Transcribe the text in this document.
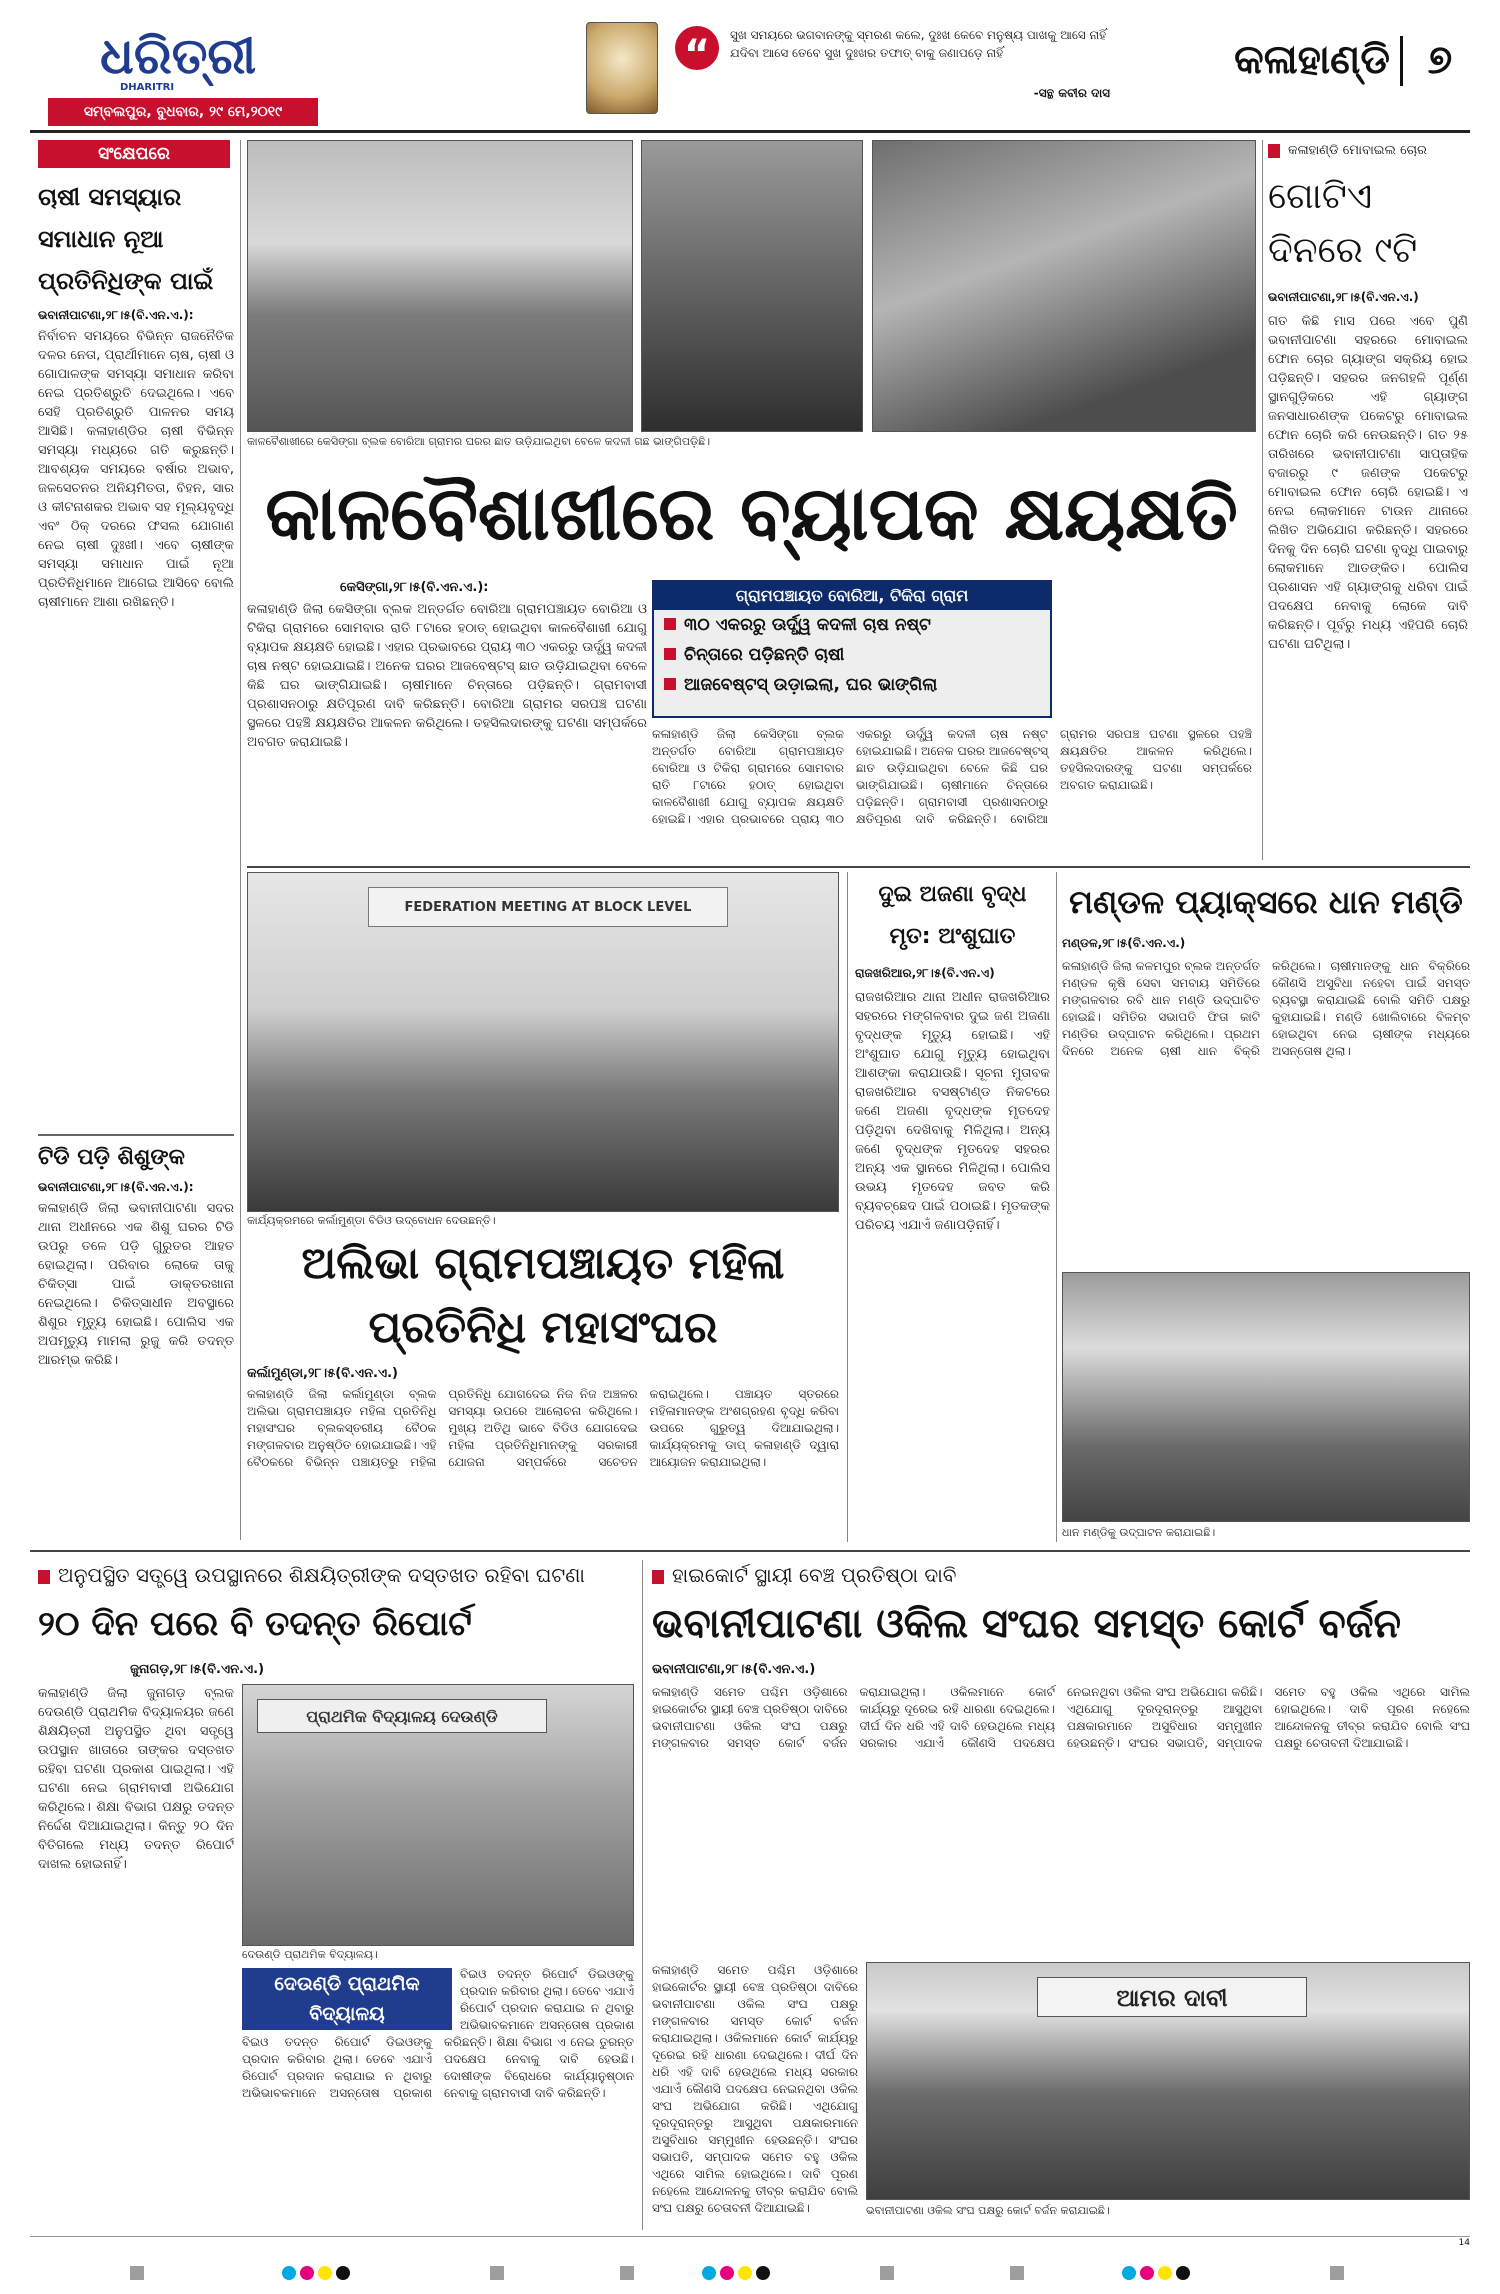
ଧରିତ୍ରୀ
DHARITRI
ସମ୍ବଲପୁର, ବୁଧବାର, ୨୯ ମେ,୨୦୧୯
“	ସୁଖ ସମୟରେ ଭଗବାନଙ୍କୁ ସ୍ମରଣ କଲେ, ଦୁଃଖ କେବେ ମନୁଷ୍ୟ ପାଖକୁ ଆସେ ନାହିଁ ଯଦିବା ଆସେ ତେବେ ସୁଖ ଦୁଃଖର ତଫାତ୍ ବାକୁ ଜଣାପଡ଼େ ନାହିଁ
-ସନ୍ଥ କବୀର ଦାସ
କଳାହାଣ୍ଡି ୭
ସଂକ୍ଷେପରେ
ଚାଷୀ ସମସ୍ୟାର ସମାଧାନ ନୂଆ ପ୍ରତିନିଧିଙ୍କ ପାଇଁ
ଭବାନୀପାଟଣା,୨୮।୫(ବି.ଏନ.ଏ.):
ନିର୍ବାଚନ ସମୟରେ ବିଭିନ୍ନ ରାଜନୈତିକ ଦଳର ନେତା, ପ୍ରାର୍ଥୀମାନେ ଚାଷ, ଚାଷୀ ଓ ଗୋପାଳଙ୍କ ସମସ୍ୟା ସମାଧାନ କରିବା ନେଇ ପ୍ରତିଶ୍ରୁତି ଦେଇଥିଲେ। ଏବେ ସେହି ପ୍ରତିଶ୍ରୁତି ପାଳନର ସମୟ ଆସିଛି। କଳାହାଣ୍ଡିର ଚାଷୀ ବିଭିନ୍ନ ସମସ୍ୟା ମଧ୍ୟରେ ଗତି କରୁଛନ୍ତି। ଆବଶ୍ୟକ ସମୟରେ ବର୍ଷାର ଅଭାବ, ଜଳସେଚନର ଅନିୟମିତତା, ବିହନ, ସାର ଓ କୀଟନାଶକର ଅଭାବ ସହ ମୂଲ୍ୟବୃଦ୍ଧି ଏବଂ ଠିକ୍ ଦରରେ ଫସଲ ଯୋଗାଣ ନେଇ ଚାଷୀ ଦୁଃଖୀ। ଏବେ ଚାଷୀଙ୍କ ସମସ୍ୟା ସମାଧାନ ପାଇଁ ନୂଆ ପ୍ରତିନିଧିମାନେ ଆଗେଇ ଆସିବେ ବୋଲି ଚାଷୀମାନେ ଆଶା ରଖିଛନ୍ତି।
ଟିଡି ପଡ଼ି ଶିଶୁଙ୍କ
ଭବାନୀପାଟଣା,୨୮।୫(ବି.ଏନ.ଏ.):
କଳାହାଣ୍ଡି ଜିଲା ଭବାନୀପାଟଣା ସଦର ଥାନା ଅଧୀନରେ ଏକ ଶିଶୁ ଘରର ଟିଡି ଉପରୁ ତଳେ ପଡ଼ି ଗୁରୁତର ଆହତ ହୋଇଥିଲା। ପରିବାର ଲୋକେ ତାକୁ ଚିକିତ୍ସା ପାଇଁ ଡାକ୍ତରଖାନା ନେଇଥିଲେ। ଚିକିତ୍ସାଧୀନ ଅବସ୍ଥାରେ ଶିଶୁର ମୃତ୍ୟୁ ହୋଇଛି। ପୋଲିସ ଏକ ଅପମୃତ୍ୟୁ ମାମଲା ରୁଜୁ କରି ତଦନ୍ତ ଆରମ୍ଭ କରିଛି।
କାଳବୈଶାଖୀରେ କେସିଙ୍ଗା ବ୍ଲକ ବୋରିଆ ଗ୍ରାମର ଘରର ଛାତ ଉଡ଼ିଯାଇଥିବା ବେଳେ କଦଳୀ ଗଛ ଭାଙ୍ଗିପଡ଼ିଛି।
କାଳବୈଶାଖୀରେ ବ୍ୟାପକ କ୍ଷୟକ୍ଷତି
କେସିଙ୍ଗା,୨୮।୫(ବି.ଏନ.ଏ.):
କଳାହାଣ୍ଡି ଜିଲା କେସିଙ୍ଗା ବ୍ଲକ ଅନ୍ତର୍ଗତ ବୋରିଆ ଗ୍ରାମପଞ୍ଚାୟତ ବୋରିଆ ଓ ଟିକିରା ଗ୍ରାମରେ ସୋମବାର ରାତି ୮ଟାରେ ହଠାତ୍ ହୋଇଥିବା କାଳବୈଶାଖୀ ଯୋଗୁ ବ୍ୟାପକ କ୍ଷୟକ୍ଷତି ହୋଇଛି। ଏହାର ପ୍ରଭାବରେ ପ୍ରାୟ ୩୦ ଏକରରୁ ଊର୍ଦ୍ଧ୍ୱ କଦଳୀ ଚାଷ ନଷ୍ଟ ହୋଇଯାଇଛି। ଅନେକ ଘରର ଆଜବେଷ୍ଟସ୍ ଛାତ ଉଡ଼ିଯାଇଥିବା ବେଳେ କିଛି ଘର ଭାଙ୍ଗିଯାଇଛି। ଚାଷୀମାନେ ଚିନ୍ତାରେ ପଡ଼ିଛନ୍ତି। ଗ୍ରାମବାସୀ ପ୍ରଶାସନଠାରୁ କ୍ଷତିପୂରଣ ଦାବି କରିଛନ୍ତି। ବୋରିଆ ଗ୍ରାମର ସରପଞ୍ଚ ଘଟଣା ସ୍ଥଳରେ ପହଞ୍ଚି କ୍ଷୟକ୍ଷତିର ଆକଳନ କରିଥିଲେ। ତହସିଲଦାରଙ୍କୁ ଘଟଣା ସମ୍ପର୍କରେ ଅବଗତ କରାଯାଇଛି।
ଗ୍ରାମପଞ୍ଚାୟତ ବୋରିଆ, ଟିକିରା ଗ୍ରାମ
୩୦ ଏକରରୁ ଊର୍ଦ୍ଧ୍ୱ କଦଳୀ ଚାଷ ନଷ୍ଟ
ଚିନ୍ତାରେ ପଡ଼ିଛନ୍ତି ଚାଷୀ
ଆଜବେଷ୍ଟସ୍ ଉଡ଼ାଇଲା, ଘର ଭାଙ୍ଗିଲା
କଳାହାଣ୍ଡି ଜିଲା କେସିଙ୍ଗା ବ୍ଲକ ଅନ୍ତର୍ଗତ ବୋରିଆ ଗ୍ରାମପଞ୍ଚାୟତ ବୋରିଆ ଓ ଟିକିରା ଗ୍ରାମରେ ସୋମବାର ରାତି ୮ଟାରେ ହଠାତ୍ ହୋଇଥିବା କାଳବୈଶାଖୀ ଯୋଗୁ ବ୍ୟାପକ କ୍ଷୟକ୍ଷତି ହୋଇଛି। ଏହାର ପ୍ରଭାବରେ ପ୍ରାୟ ୩୦ ଏକରରୁ ଊର୍ଦ୍ଧ୍ୱ କଦଳୀ ଚାଷ ନଷ୍ଟ ହୋଇଯାଇଛି। ଅନେକ ଘରର ଆଜବେଷ୍ଟସ୍ ଛାତ ଉଡ଼ିଯାଇଥିବା ବେଳେ କିଛି ଘର ଭାଙ୍ଗିଯାଇଛି। ଚାଷୀମାନେ ଚିନ୍ତାରେ ପଡ଼ିଛନ୍ତି। ଗ୍ରାମବାସୀ ପ୍ରଶାସନଠାରୁ କ୍ଷତିପୂରଣ ଦାବି କରିଛନ୍ତି। ବୋରିଆ ଗ୍ରାମର ସରପଞ୍ଚ ଘଟଣା ସ୍ଥଳରେ ପହଞ୍ଚି କ୍ଷୟକ୍ଷତିର ଆକଳନ କରିଥିଲେ। ତହସିଲଦାରଙ୍କୁ ଘଟଣା ସମ୍ପର୍କରେ ଅବଗତ କରାଯାଇଛି।
କଳାହାଣ୍ଡି ମୋବାଇଲ ଚୋର
ଗୋଟିଏ ଦିନରେ ୯ଟି
ଭବାନୀପାଟଣା,୨୮।୫(ବି.ଏନ.ଏ.)
ଗତ କିଛି ମାସ ପରେ ଏବେ ପୁଣି ଭବାନୀପାଟଣା ସହରରେ ମୋବାଇଲ ଫୋନ ଚୋର ଗ୍ୟାଙ୍ଗ ସକ୍ରିୟ ହୋଇ ପଡ଼ିଛନ୍ତି। ସହରର ଜନଗହଳି ପୂର୍ଣ୍ଣ ସ୍ଥାନଗୁଡ଼ିକରେ ଏହି ଗ୍ୟାଙ୍ଗ ଜନସାଧାରଣଙ୍କ ପକେଟରୁ ମୋବାଇଲ ଫୋନ ଚୋରି କରି ନେଉଛନ୍ତି। ଗତ ୨୫ ତାରିଖରେ ଭବାନୀପାଟଣା ସାପ୍ତାହିକ ବଜାରରୁ ୯ ଜଣଙ୍କ ପକେଟରୁ ମୋବାଇଲ ଫୋନ ଚୋରି ହୋଇଛି। ଏ ନେଇ ଲୋକମାନେ ଟାଉନ ଥାନାରେ ଲିଖିତ ଅଭିଯୋଗ କରିଛନ୍ତି। ସହରରେ ଦିନକୁ ଦିନ ଚୋରି ଘଟଣା ବୃଦ୍ଧି ପାଇବାରୁ ଲୋକମାନେ ଆତଙ୍କିତ। ପୋଲିସ ପ୍ରଶାସନ ଏହି ଗ୍ୟାଙ୍ଗକୁ ଧରିବା ପାଇଁ ପଦକ୍ଷେପ ନେବାକୁ ଲୋକେ ଦାବି କରିଛନ୍ତି। ପୂର୍ବରୁ ମଧ୍ୟ ଏହିପରି ଚୋରି ଘଟଣା ଘଟିଥିଲା।
FEDERATION MEETING AT BLOCK LEVEL
କାର୍ଯ୍ୟକ୍ରମରେ କର୍ଲାମୁଣ୍ଡା ବିଡିଓ ଉଦ୍‌ବୋଧନ ଦେଉଛନ୍ତି।
ଅଲିଭା ଗ୍ରାମପଞ୍ଚାୟତ ମହିଳା ପ୍ରତିନିଧି ମହାସଂଘର
କର୍ଲାମୁଣ୍ଡା,୨୮।୫(ବି.ଏନ.ଏ.)
କଳାହାଣ୍ଡି ଜିଲା କର୍ଲାମୁଣ୍ଡା ବ୍ଲକ ଅଲିଭା ଗ୍ରାମପଞ୍ଚାୟତ ମହିଳା ପ୍ରତିନିଧି ମହାସଂଘର ବ୍ଲକସ୍ତରୀୟ ବୈଠକ ମଙ୍ଗଳବାର ଅନୁଷ୍ଠିତ ହୋଇଯାଇଛି। ଏହି ବୈଠକରେ ବିଭିନ୍ନ ପଞ୍ଚାୟତରୁ ମହିଳା ପ୍ରତିନିଧି ଯୋଗଦେଇ ନିଜ ନିଜ ଅଞ୍ଚଳର ସମସ୍ୟା ଉପରେ ଆଲୋଚନା କରିଥିଲେ। ମୁଖ୍ୟ ଅତିଥି ଭାବେ ବିଡିଓ ଯୋଗଦେଇ ମହିଳା ପ୍ରତିନିଧିମାନଙ୍କୁ ସରକାରୀ ଯୋଜନା ସମ୍ପର୍କରେ ସଚେତନ କରାଇଥିଲେ। ପଞ୍ଚାୟତ ସ୍ତରରେ ମହିଳାମାନଙ୍କ ଅଂଶଗ୍ରହଣ ବୃଦ୍ଧି କରିବା ଉପରେ ଗୁରୁତ୍ୱ ଦିଆଯାଇଥିଲା। କାର୍ଯ୍ୟକ୍ରମକୁ ଡାପ୍ କଳାହାଣ୍ଡି ଦ୍ୱାରା ଆୟୋଜନ କରାଯାଇଥିଲା।
ଦୁଇ ଅଜଣା ବୃଦ୍ଧ ମୃତ: ଅଂଶୁଘାତ
ରାଜଖରିଆର,୨୮।୫(ବି.ଏନ.ଏ)
ରାଜଖରିଆର ଥାନା ଅଧୀନ ରାଜଖରିଆର ସହରରେ ମଙ୍ଗଳବାର ଦୁଇ ଜଣ ଅଜଣା ବୃଦ୍ଧଙ୍କ ମୃତ୍ୟୁ ହୋଇଛି। ଏହି ଅଂଶୁଘାତ ଯୋଗୁ ମୃତ୍ୟୁ ହୋଇଥିବା ଆଶଙ୍କା କରାଯାଉଛି। ସୂଚନା ମୁତାବକ ରାଜଖରିଆର ବସଷ୍ଟାଣ୍ଡ ନିକଟରେ ଜଣେ ଅଜଣା ବୃଦ୍ଧଙ୍କ ମୃତଦେହ ପଡ଼ିଥିବା ଦେଖିବାକୁ ମିଳିଥିଲା। ଅନ୍ୟ ଜଣେ ବୃଦ୍ଧଙ୍କ ମୃତଦେହ ସହରର ଅନ୍ୟ ଏକ ସ୍ଥାନରେ ମିଳିଥିଲା। ପୋଲିସ ଉଭୟ ମୃତଦେହ ଜବତ କରି ବ୍ୟବଚ୍ଛେଦ ପାଇଁ ପଠାଇଛି। ମୃତକଙ୍କ ପରିଚୟ ଏଯାଏଁ ଜଣାପଡ଼ିନାହିଁ।
ମଣ୍ଡଳ ପ୍ୟାକ୍ସରେ ଧାନ ମଣ୍ଡି
ମଣ୍ଡଳ,୨୮।୫(ବି.ଏନ.ଏ.)
କଳାହାଣ୍ଡି ଜିଲା କଳମପୁର ବ୍ଲକ ଅନ୍ତର୍ଗତ ମଣ୍ଡଳ କୃଷି ସେବା ସମବାୟ ସମିତିରେ ମଙ୍ଗଳବାର ରବି ଧାନ ମଣ୍ଡି ଉଦ୍‌ଘାଟିତ ହୋଇଛି। ସମିତିର ସଭାପତି ଫିତା କାଟି ମଣ୍ଡିର ଉଦ୍‌ଘାଟନ କରିଥିଲେ। ପ୍ରଥମ ଦିନରେ ଅନେକ ଚାଷୀ ଧାନ ବିକ୍ରି କରିଥିଲେ। ଚାଷୀମାନଙ୍କୁ ଧାନ ବିକ୍ରିରେ କୌଣସି ଅସୁବିଧା ନହେବା ପାଇଁ ସମସ୍ତ ବ୍ୟବସ୍ଥା କରାଯାଇଛି ବୋଲି ସମିତି ପକ୍ଷରୁ କୁହାଯାଇଛି। ମଣ୍ଡି ଖୋଲିବାରେ ବିଳମ୍ବ ହୋଇଥିବା ନେଇ ଚାଷୀଙ୍କ ମଧ୍ୟରେ ଅସନ୍ତୋଷ ଥିଲା।
ଧାନ ମଣ୍ଡିକୁ ଉଦ୍‌ଘାଟନ କରାଯାଇଛି।
ଅନୁପସ୍ଥିତ ସତ୍ତ୍ୱେ ଉପସ୍ଥାନରେ ଶିକ୍ଷୟିତ୍ରୀଙ୍କ ଦସ୍ତଖତ ରହିବା ଘଟଣା
୨୦ ଦିନ ପରେ ବି ତଦନ୍ତ ରିପୋର୍ଟ
ଜୁନାଗଡ଼,୨୮।୫(ବି.ଏନ.ଏ.)
କଳାହାଣ୍ଡି ଜିଲା ଜୁନାଗଡ଼ ବ୍ଲକ ଦେଉଣ୍ଡି ପ୍ରାଥମିକ ବିଦ୍ୟାଳୟର ଜଣେ ଶିକ୍ଷୟିତ୍ରୀ ଅନୁପସ୍ଥିତ ଥିବା ସତ୍ତ୍ୱେ ଉପସ୍ଥାନ ଖାତାରେ ତାଙ୍କର ଦସ୍ତଖତ ରହିବା ଘଟଣା ପ୍ରକାଶ ପାଇଥିଲା। ଏହି ଘଟଣା ନେଇ ଗ୍ରାମବାସୀ ଅଭିଯୋଗ କରିଥିଲେ। ଶିକ୍ଷା ବିଭାଗ ପକ୍ଷରୁ ତଦନ୍ତ ନିର୍ଦ୍ଦେଶ ଦିଆଯାଇଥିଲା। କିନ୍ତୁ ୨୦ ଦିନ ବିତିଗଲେ ମଧ୍ୟ ତଦନ୍ତ ରିପୋର୍ଟ ଦାଖଲ ହୋଇନାହିଁ।
ପ୍ରାଥମିକ ବିଦ୍ୟାଳୟ ଦେଉଣ୍ଡି
ଦେଉଣ୍ଡି ପ୍ରାଥମିକ ବିଦ୍ୟାଳୟ।
ଦେଉଣ୍ଡି ପ୍ରାଥମିକ ବିଦ୍ୟାଳୟ
ବିଇଓ ତଦନ୍ତ ରିପୋର୍ଟ ଡିଇଓଙ୍କୁ ପ୍ରଦାନ କରିବାର ଥିଲା। ତେବେ ଏଯାଏଁ ରିପୋର୍ଟ ପ୍ରଦାନ କରାଯାଇ ନ ଥିବାରୁ ଅଭିଭାବକମାନେ ଅସନ୍ତୋଷ ପ୍ରକାଶ କରିଛନ୍ତି। ଶିକ୍ଷା ବିଭାଗ ଏ ନେଇ ତୁରନ୍ତ ପଦକ୍ଷେପ ନେବାକୁ ଦାବି ହେଉଛି। ଦୋଷୀଙ୍କ ବିରୋଧରେ କାର୍ଯ୍ୟାନୁଷ୍ଠାନ ନେବାକୁ ଗ୍ରାମବାସୀ ଦାବି କରିଛନ୍ତି।
ବିଇଓ ତଦନ୍ତ ରିପୋର୍ଟ ଡିଇଓଙ୍କୁ ପ୍ରଦାନ କରିବାର ଥିଲା। ତେବେ ଏଯାଏଁ ରିପୋର୍ଟ ପ୍ରଦାନ କରାଯାଇ ନ ଥିବାରୁ ଅଭିଭାବକମାନେ ଅସନ୍ତୋଷ ପ୍ରକାଶ
ହାଇକୋର୍ଟ ସ୍ଥାୟୀ ବେଞ୍ଚ ପ୍ରତିଷ୍ଠା ଦାବି
ଭବାନୀପାଟଣା ଓକିଲ ସଂଘର ସମସ୍ତ କୋର୍ଟ ବର୍ଜନ
ଭବାନୀପାଟଣା,୨୮।୫(ବି.ଏନ.ଏ.)
କଳାହାଣ୍ଡି ସମେତ ପଶ୍ଚିମ ଓଡ଼ିଶାରେ ହାଇକୋର୍ଟର ସ୍ଥାୟୀ ବେଞ୍ଚ ପ୍ରତିଷ୍ଠା ଦାବିରେ ଭବାନୀପାଟଣା ଓକିଲ ସଂଘ ପକ୍ଷରୁ ମଙ୍ଗଳବାର ସମସ୍ତ କୋର୍ଟ ବର୍ଜନ କରାଯାଇଥିଲା। ଓକିଲମାନେ କୋର୍ଟ କାର୍ଯ୍ୟରୁ ଦୂରେଇ ରହି ଧାରଣା ଦେଇଥିଲେ। ଦୀର୍ଘ ଦିନ ଧରି ଏହି ଦାବି ହେଉଥିଲେ ମଧ୍ୟ ସରକାର ଏଯାଏଁ କୌଣସି ପଦକ୍ଷେପ ନେଇନଥିବା ଓକିଲ ସଂଘ ଅଭିଯୋଗ କରିଛି। ଏଥିଯୋଗୁ ଦୂରଦୂରାନ୍ତରୁ ଆସୁଥିବା ପକ୍ଷକାରମାନେ ଅସୁବିଧାର ସମ୍ମୁଖୀନ ହେଉଛନ୍ତି। ସଂଘର ସଭାପତି, ସମ୍ପାଦକ ସମେତ ବହୁ ଓକିଲ ଏଥିରେ ସାମିଲ ହୋଇଥିଲେ। ଦାବି ପୂରଣ ନହେଲେ ଆନ୍ଦୋଳନକୁ ତୀବ୍ର କରାଯିବ ବୋଲି ସଂଘ ପକ୍ଷରୁ ଚେତାବନୀ ଦିଆଯାଇଛି।
ଆମର ଦାବୀ
ଭବାନୀପାଟଣା ଓକିଲ ସଂଘ ପକ୍ଷରୁ କୋର୍ଟ ବର୍ଜନ କରାଯାଇଛି।
କଳାହାଣ୍ଡି ସମେତ ପଶ୍ଚିମ ଓଡ଼ିଶାରେ ହାଇକୋର୍ଟର ସ୍ଥାୟୀ ବେଞ୍ଚ ପ୍ରତିଷ୍ଠା ଦାବିରେ ଭବାନୀପାଟଣା ଓକିଲ ସଂଘ ପକ୍ଷରୁ ମଙ୍ଗଳବାର ସମସ୍ତ କୋର୍ଟ ବର୍ଜନ କରାଯାଇଥିଲା। ଓକିଲମାନେ କୋର୍ଟ କାର୍ଯ୍ୟରୁ ଦୂରେଇ ରହି ଧାରଣା ଦେଇଥିଲେ। ଦୀର୍ଘ ଦିନ ଧରି ଏହି ଦାବି ହେଉଥିଲେ ମଧ୍ୟ ସରକାର ଏଯାଏଁ କୌଣସି ପଦକ୍ଷେପ ନେଇନଥିବା ଓକିଲ ସଂଘ ଅଭିଯୋଗ କରିଛି। ଏଥିଯୋଗୁ ଦୂରଦୂରାନ୍ତରୁ ଆସୁଥିବା ପକ୍ଷକାରମାନେ ଅସୁବିଧାର ସମ୍ମୁଖୀନ ହେଉଛନ୍ତି। ସଂଘର ସଭାପତି, ସମ୍ପାଦକ ସମେତ ବହୁ ଓକିଲ ଏଥିରେ ସାମିଲ ହୋଇଥିଲେ। ଦାବି ପୂରଣ ନହେଲେ ଆନ୍ଦୋଳନକୁ ତୀବ୍ର କରାଯିବ ବୋଲି ସଂଘ ପକ୍ଷରୁ ଚେତାବନୀ ଦିଆଯାଇଛି।
14
